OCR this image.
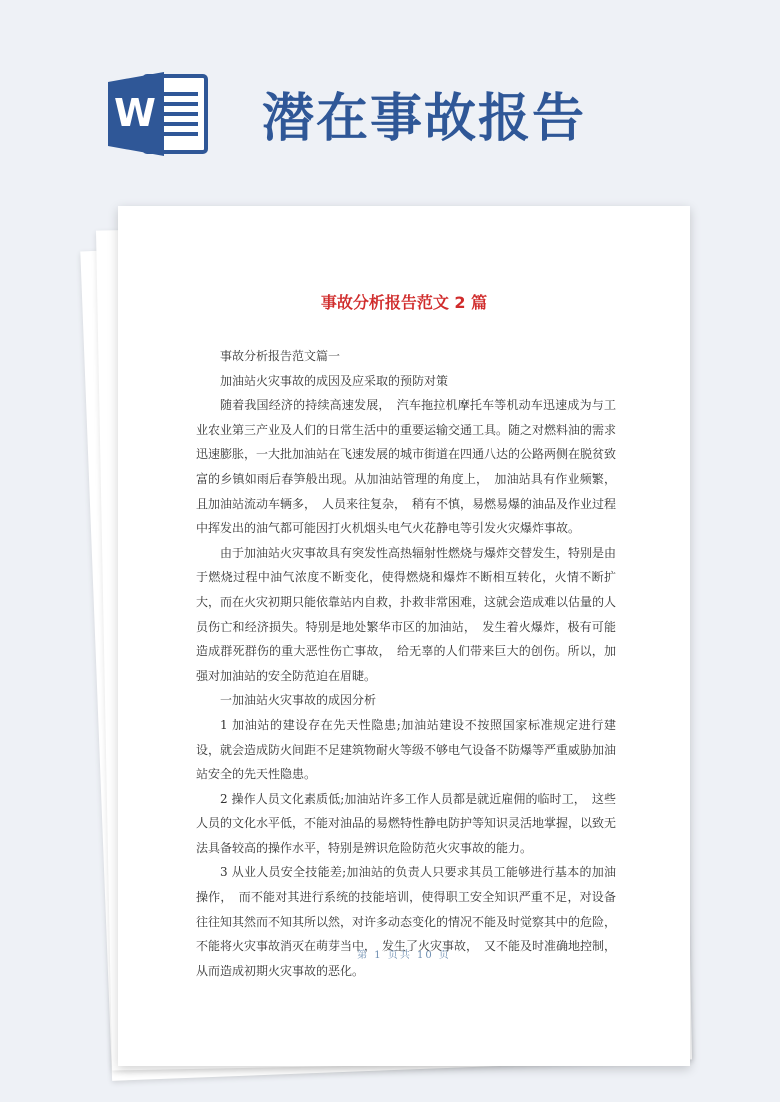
W 潜在事故报告
事故分析报告范文 2 篇

事故分析报告范文篇一

加油站火灾事故的成因及应采取的预防对策

随着我国经济的持续高速发展，　汽车拖拉机摩托车等机动车迅速成为与工业农业第三产业及人们的日常生活中的重要运输交通工具。随之对燃料油的需求迅速膨胀，一大批加油站在飞速发展的城市街道在四通八达的公路两侧在脱贫致富的乡镇如雨后春笋般出现。从加油站管理的角度上，　加油站具有作业频繁，且加油站流动车辆多，　人员来往复杂，　稍有不慎，易燃易爆的油品及作业过程中挥发出的油气都可能因打火机烟头电气火花静电等引发火灾爆炸事故。

由于加油站火灾事故具有突发性高热辐射性燃烧与爆炸交替发生，特别是由于燃烧过程中油气浓度不断变化，使得燃烧和爆炸不断相互转化，火情不断扩大，而在火灾初期只能依靠站内自救，扑救非常困难，这就会造成难以估量的人员伤亡和经济损失。特别是地处繁华市区的加油站，　发生着火爆炸，极有可能造成群死群伤的重大恶性伤亡事故，　给无辜的人们带来巨大的创伤。所以，加强对加油站的安全防范迫在眉睫。

一加油站火灾事故的成因分析

1 加油站的建设存在先天性隐患;加油站建设不按照国家标准规定进行建设，就会造成防火间距不足建筑物耐火等级不够电气设备不防爆等严重威胁加油站安全的先天性隐患。

2 操作人员文化素质低;加油站许多工作人员都是就近雇佣的临时工，　这些人员的文化水平低，不能对油品的易燃特性静电防护等知识灵活地掌握，以致无法具备较高的操作水平，特别是辨识危险防范火灾事故的能力。

3 从业人员安全技能差;加油站的负责人只要求其员工能够进行基本的加油操作，　而不能对其进行系统的技能培训，使得职工安全知识严重不足，对设备往往知其然而不知其所以然，对许多动态变化的情况不能及时觉察其中的危险，不能将火灾事故消灭在萌芽当中，　发生了火灾事故，　又不能及时准确地控制，从而造成初期火灾事故的恶化。

第 1 页共 10 页
